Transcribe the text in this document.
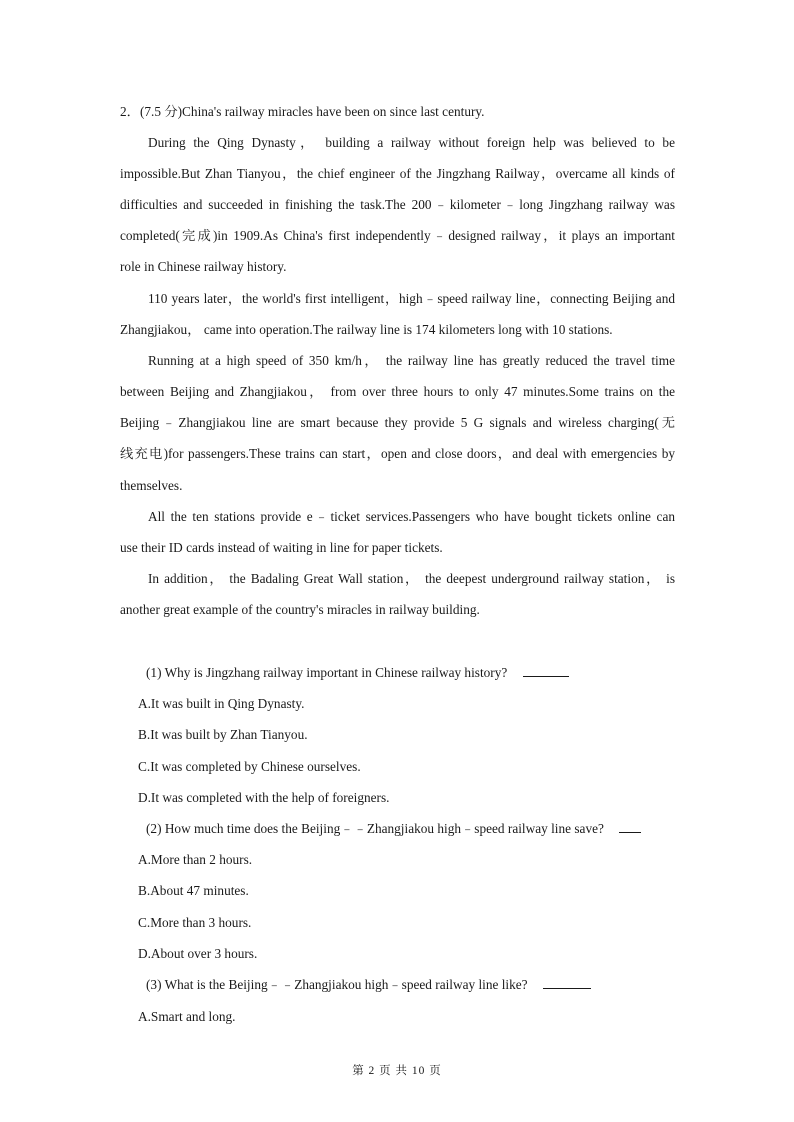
2．(7.5 分)China's railway miracles have been on since last century.
During the Qing Dynasty， building a railway without foreign help was believed to be
impossible.But Zhan Tianyou，the chief engineer of the Jingzhang Railway，overcame all kinds of
difficulties and succeeded in finishing the task.The 200﹣kilometer﹣long Jingzhang railway was
completed(完成)in 1909.As China's first independently﹣designed railway，it plays an important
role in Chinese railway history.
110 years later，the world's first intelligent，high﹣speed railway line，connecting Beijing and
Zhangjiakou， came into operation.The railway line is 174 kilometers long with 10 stations.
Running at a high speed of 350 km/h， the railway line has greatly reduced the travel time
between Beijing and Zhangjiakou， from over three hours to only 47 minutes.Some trains on the
Beijing﹣Zhangjiakou line are smart because they provide 5 G signals and wireless charging(无
线充电)for passengers.These trains can start，open and close doors，and deal with emergencies by
themselves.
All the ten stations provide e﹣ticket services.Passengers who have bought tickets online can
use their ID cards instead of waiting in line for paper tickets.
In addition， the Badaling Great Wall station， the deepest underground railway station， is
another great example of the country's miracles in railway building.
(1) Why is Jingzhang railway important in Chinese railway history?
A.It was built in Qing Dynasty.
B.It was built by Zhan Tianyou.
C.It was completed by Chinese ourselves.
D.It was completed with the help of foreigners.
(2) How much time does the Beijing﹣﹣Zhangjiakou high﹣speed railway line save?
A.More than 2 hours.
B.About 47 minutes.
C.More than 3 hours.
D.About over 3 hours.
(3) What is the Beijing﹣﹣Zhangjiakou high﹣speed railway line like?
A.Smart and long.
第 2 页 共 10 页
